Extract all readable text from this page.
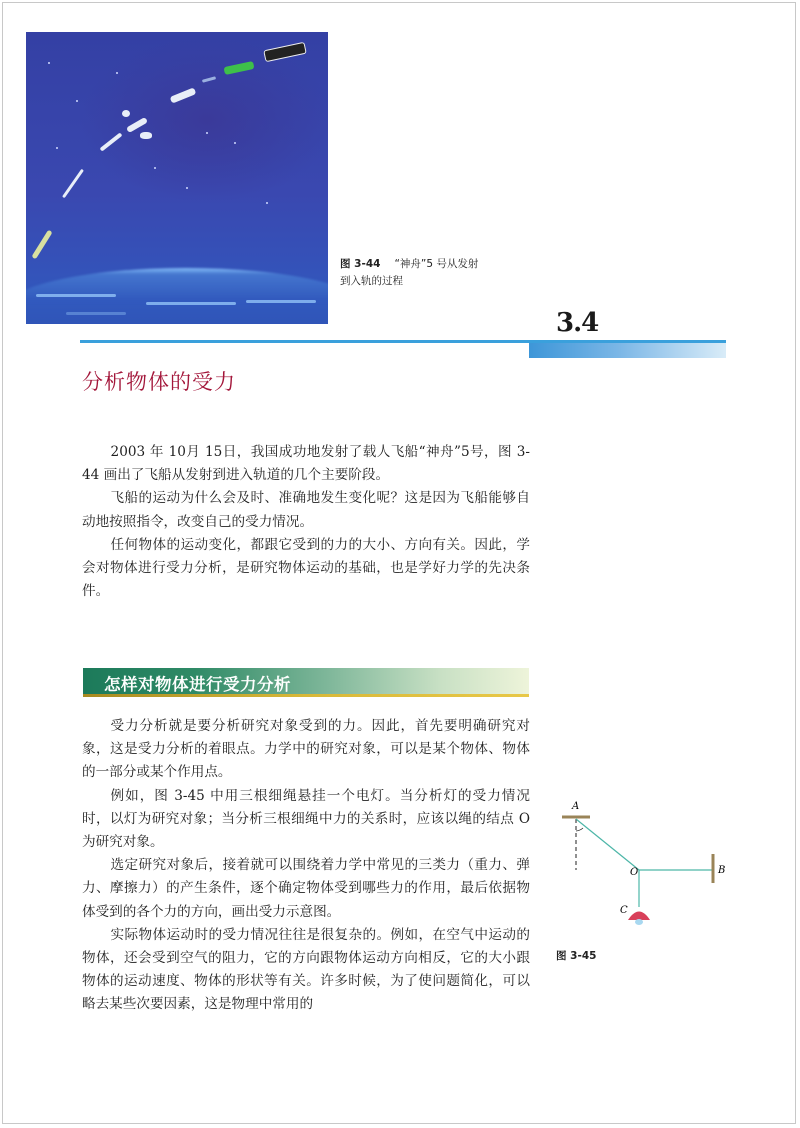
图 3-44 “神舟”5 号从发射
到入轨的过程
3.4
分析物体的受力

2003 年 10月 15日，我国成功地发射了载人飞船“神舟”5号，图 3-44 画出了飞船从发射到进入轨道的几个主要阶段。

飞船的运动为什么会及时、准确地发生变化呢？这是因为飞船能够自动地按照指令，改变自己的受力情况。

任何物体的运动变化，都跟它受到的力的大小、方向有关。因此，学会对物体进行受力分析，是研究物体运动的基础，也是学好力学的先决条件。

怎样对物体进行受力分析

受力分析就是要分析研究对象受到的力。因此，首先要明确研究对象，这是受力分析的着眼点。力学中的研究对象，可以是某个物体、物体的一部分或某个作用点。

例如，图 3-45 中用三根细绳悬挂一个电灯。当分析灯的受力情况时，以灯为研究对象；当分析三根细绳中力的关系时，应该以绳的结点 O 为研究对象。

选定研究对象后，接着就可以围绕着力学中常见的三类力（重力、弹力、摩擦力）的产生条件，逐个确定物体受到哪些力的作用，最后依据物体受到的各个力的方向，画出受力示意图。

实际物体运动时的受力情况往往是很复杂的。例如，在空气中运动的物体，还会受到空气的阻力，它的方向跟物体运动方向相反，它的大小跟物体的运动速度、物体的形状等有关。许多时候，为了使问题简化，可以略去某些次要因素，这是物理中常用的

A
O	B
C
图 3-45
